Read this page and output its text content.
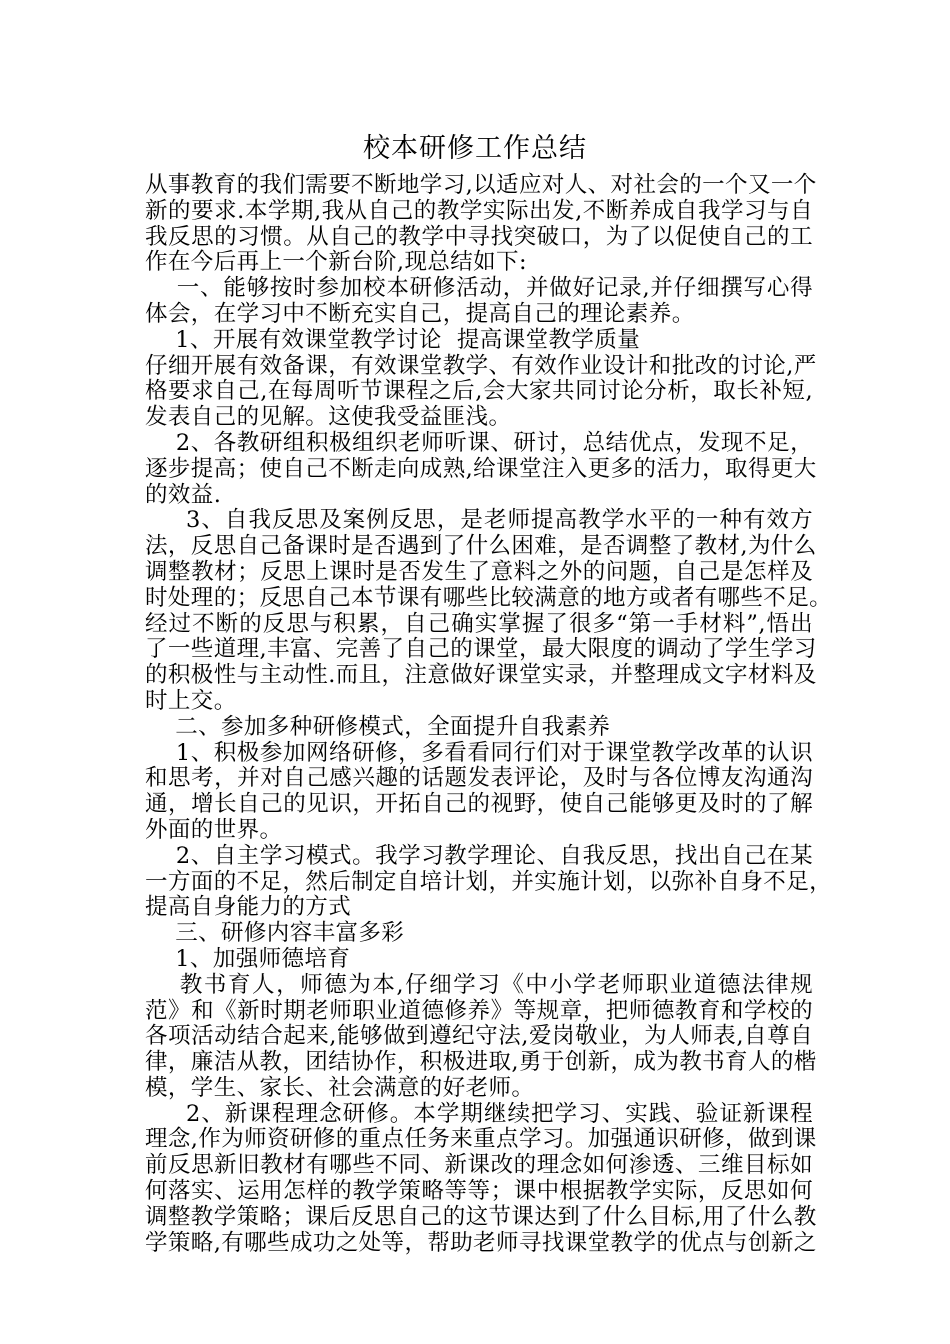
校本研修工作总结
从事教育的我们需要不断地学习,以适应对人、对社会的一个又一个
新的要求.本学期,我从自己的教学实际出发,不断养成自我学习与自
我反思的习惯。从自己的教学中寻找突破口，为了以促使自己的工
作在今后再上一个新台阶,现总结如下:
一、能够按时参加校本研修活动，并做好记录,并仔细撰写心得
体会，在学习中不断充实自己，提高自己的理论素养。
1、开展有效课堂教学讨论  提高课堂教学质量
仔细开展有效备课，有效课堂教学、有效作业设计和批改的讨论,严
格要求自己,在每周听节课程之后,会大家共同讨论分析，取长补短,
发表自己的见解。这使我受益匪浅。
2、各教研组积极组织老师听课、研讨，总结优点，发现不足，
逐步提高；使自己不断走向成熟,给课堂注入更多的活力，取得更大
的效益.
3、自我反思及案例反思，是老师提高教学水平的一种有效方
法，反思自己备课时是否遇到了什么困难，是否调整了教材,为什么
调整教材；反思上课时是否发生了意料之外的问题，自己是怎样及
时处理的；反思自己本节课有哪些比较满意的地方或者有哪些不足。
经过不断的反思与积累，自己确实掌握了很多“第一手材料”,悟出
了一些道理,丰富、完善了自己的课堂，最大限度的调动了学生学习
的积极性与主动性.而且，注意做好课堂实录，并整理成文字材料及
时上交。
二、参加多种研修模式，全面提升自我素养
1、积极参加网络研修，多看看同行们对于课堂教学改革的认识
和思考，并对自己感兴趣的话题发表评论，及时与各位博友沟通沟
通，增长自己的见识，开拓自己的视野，使自己能够更及时的了解
外面的世界。
2、自主学习模式。我学习教学理论、自我反思，找出自己在某
一方面的不足，然后制定自培计划，并实施计划，以弥补自身不足，
提高自身能力的方式
三、研修内容丰富多彩
1、加强师德培育
教书育人，师德为本,仔细学习《中小学老师职业道德法律规
范》和《新时期老师职业道德修养》等规章，把师德教育和学校的
各项活动结合起来,能够做到遵纪守法,爱岗敬业，为人师表,自尊自
律，廉洁从教，团结协作，积极进取,勇于创新，成为教书育人的楷
模，学生、家长、社会满意的好老师。
2、新课程理念研修。本学期继续把学习、实践、验证新课程
理念,作为师资研修的重点任务来重点学习。加强通识研修，做到课
前反思新旧教材有哪些不同、新课改的理念如何渗透、三维目标如
何落实、运用怎样的教学策略等等；课中根据教学实际，反思如何
调整教学策略；课后反思自己的这节课达到了什么目标,用了什么教
学策略,有哪些成功之处等，帮助老师寻找课堂教学的优点与创新之
